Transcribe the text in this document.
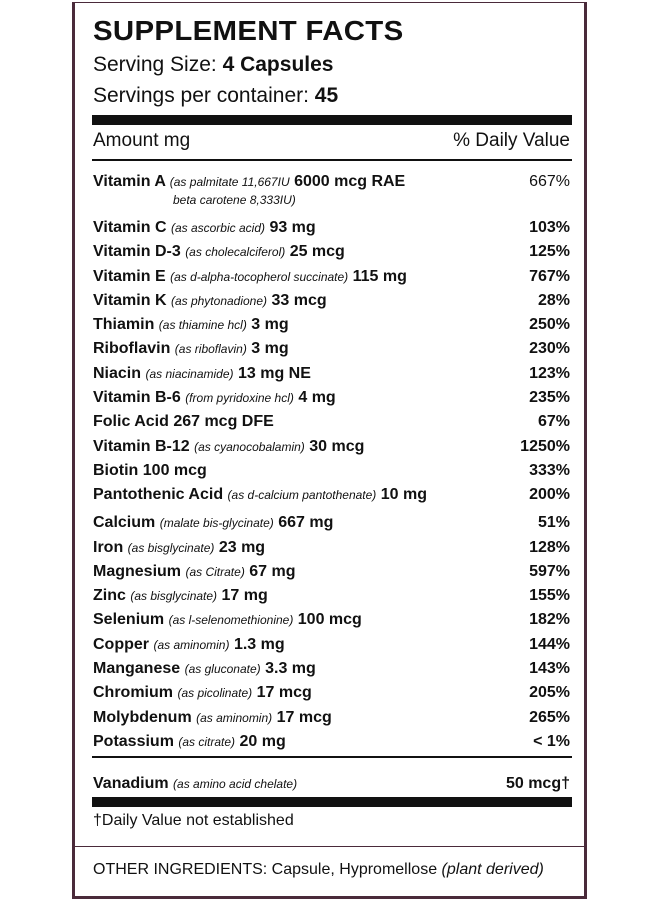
SUPPLEMENT FACTS
Serving Size: 4 Capsules
Servings per container: 45
Amount mg	% Daily Value
Vitamin A (as palmitate 11,667IU 6000 mcg RAE	667%
beta carotene 8,333IU)
Vitamin C (as ascorbic acid) 93 mg	103%
Vitamin D-3 (as cholecalciferol) 25 mcg	125%
Vitamin E (as d-alpha-tocopherol succinate) 115 mg	767%
Vitamin K (as phytonadione) 33 mcg	28%
Thiamin (as thiamine hcl) 3 mg	250%
Riboflavin (as riboflavin) 3 mg	230%
Niacin (as niacinamide) 13 mg NE	123%
Vitamin B-6 (from pyridoxine hcl) 4 mg	235%
Folic Acid 267 mcg DFE	67%
Vitamin B-12 (as cyanocobalamin) 30 mcg	1250%
Biotin 100 mcg	333%
Pantothenic Acid (as d-calcium pantothenate) 10 mg	200%
Calcium (malate bis-glycinate) 667 mg	51%
Iron (as bisglycinate) 23 mg	128%
Magnesium (as Citrate) 67 mg	597%
Zinc (as bisglycinate) 17 mg	155%
Selenium (as l-selenomethionine) 100 mcg	182%
Copper (as aminomin) 1.3 mg	144%
Manganese (as gluconate) 3.3 mg	143%
Chromium (as picolinate) 17 mcg	205%
Molybdenum (as aminomin) 17 mcg	265%
Potassium (as citrate) 20 mg	< 1%
Vanadium (as amino acid chelate)	50 mcg†
†Daily Value not established
OTHER INGREDIENTS: Capsule, Hypromellose (plant derived)
